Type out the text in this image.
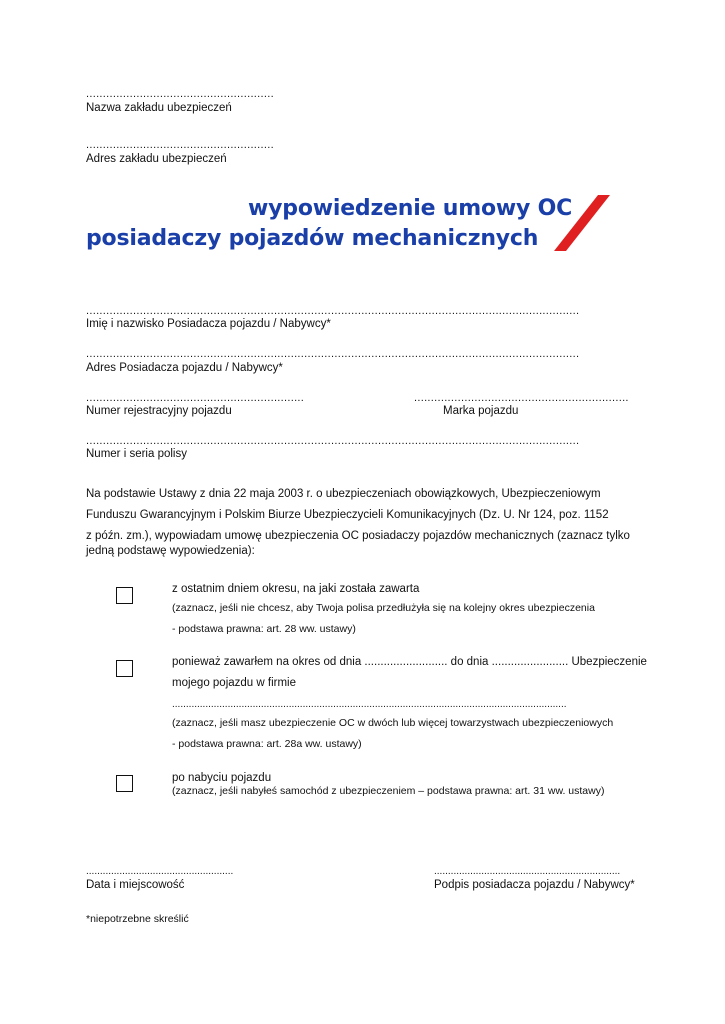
........................................................
Nazwa zakładu ubezpieczeń
........................................................
Adres zakładu ubezpieczeń
wypowiedzenie umowy OC
posiadaczy pojazdów mechanicznych
...................................................................................................................................................
Imię i nazwisko Posiadacza pojazdu / Nabywcy*
...................................................................................................................................................
Adres Posiadacza pojazdu / Nabywcy*
.................................................................
Numer rejestracyjny pojazdu
................................................................
Marka pojazdu
...................................................................................................................................................
Numer i seria polisy
Na podstawie Ustawy z dnia 22 maja 2003 r. o ubezpieczeniach obowiązkowych, Ubezpieczeniowym
Funduszu Gwarancyjnym i Polskim Biurze Ubezpieczycieli Komunikacyjnych (Dz. U. Nr 124, poz. 1152
z późn. zm.), wypowiadam umowę ubezpieczenia OC posiadaczy pojazdów mechanicznych (zaznacz tylko
jedną podstawę wypowiedzenia):
z ostatnim dniem okresu, na jaki została zawarta
(zaznacz, jeśli nie chcesz, aby Twoja polisa przedłużyła się na kolejny okres ubezpieczenia
- podstawa prawna: art. 28 ww. ustawy)
ponieważ zawarłem na okres od dnia .......................... do dnia ........................ Ubezpieczenie
mojego pojazdu w firmie
..............................................................................................................................................
(zaznacz, jeśli masz ubezpieczenie OC w dwóch lub więcej towarzystwach ubezpieczeniowych
- podstawa prawna: art. 28a ww. ustawy)
po nabyciu pojazdu
(zaznacz, jeśli nabyłeś samochód z ubezpieczeniem – podstawa prawna: art. 31 ww. ustawy)
.....................................................
Data i miejscowość
...................................................................
Podpis posiadacza pojazdu / Nabywcy*
*niepotrzebne skreślić
